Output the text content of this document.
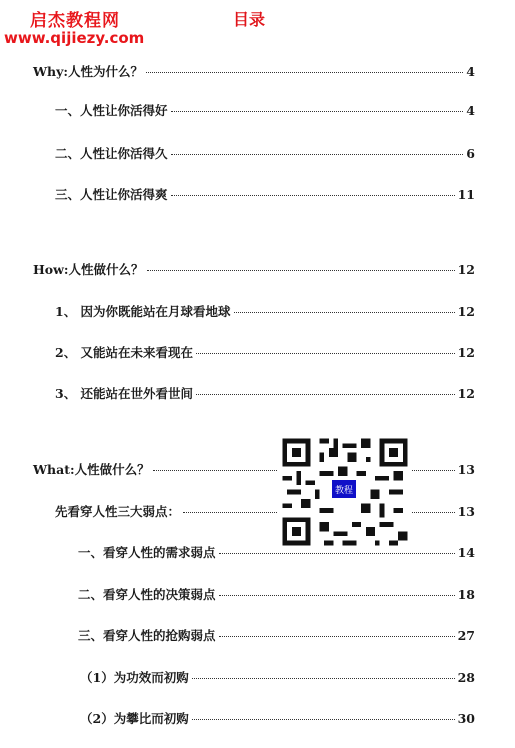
启杰教程网
www.qijiezy.com
目录
Why:人性为什么？	4
一、人性让你活得好	4
二、人性让你活得久	6
三、人性让你活得爽	11
How:人性做什么？	12
1、 因为你既能站在月球看地球	12
2、 又能站在未来看现在	12
3、 还能站在世外看世间	12
What:人性做什么？	13
先看穿人性三大弱点：	13
一、看穿人性的需求弱点	14
二、看穿人性的决策弱点	18
三、看穿人性的抢购弱点	27
（1）为功效而初购	28
（2）为攀比而初购	30
教程
